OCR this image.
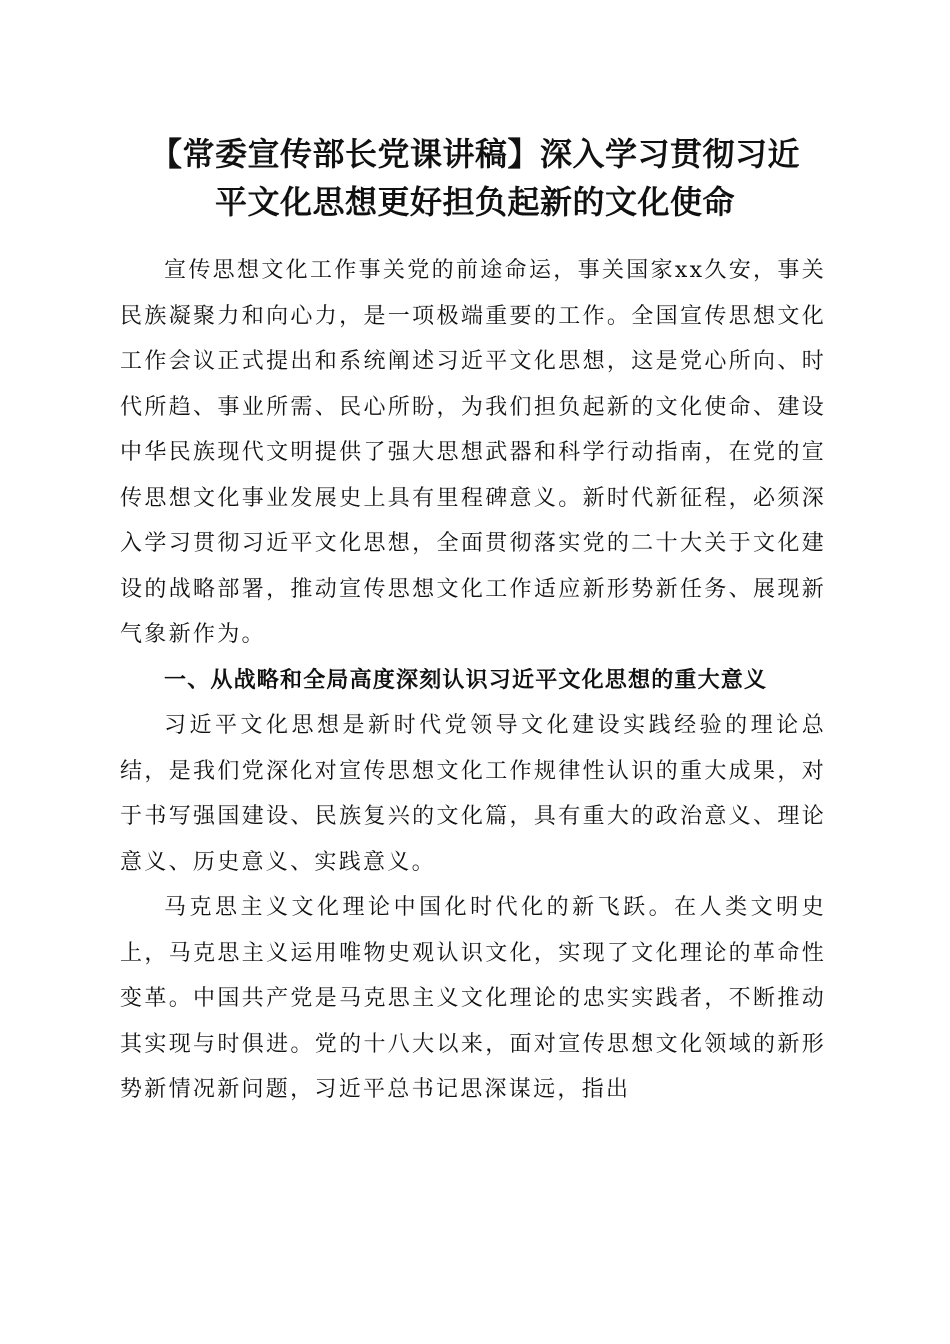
【常委宣传部长党课讲稿】深入学习贯彻习近
平文化思想更好担负起新的文化使命

宣传思想文化工作事关党的前途命运，事关国家xx久安，事关民族凝聚力和向心力，是一项极端重要的工作。全国宣传思想文化工作会议正式提出和系统阐述习近平文化思想，这是党心所向、时代所趋、事业所需、民心所盼，为我们担负起新的文化使命、建设中华民族现代文明提供了强大思想武器和科学行动指南，在党的宣传思想文化事业发展史上具有里程碑意义。新时代新征程，必须深入学习贯彻习近平文化思想，全面贯彻落实党的二十大关于文化建设的战略部署，推动宣传思想文化工作适应新形势新任务、展现新气象新作为。

一、从战略和全局高度深刻认识习近平文化思想的重大意义

习近平文化思想是新时代党领导文化建设实践经验的理论总结，是我们党深化对宣传思想文化工作规律性认识的重大成果，对于书写强国建设、民族复兴的文化篇，具有重大的政治意义、理论意义、历史意义、实践意义。

马克思主义文化理论中国化时代化的新飞跃。在人类文明史上，马克思主义运用唯物史观认识文化，实现了文化理论的革命性变革。中国共产党是马克思主义文化理论的忠实实践者，不断推动其实现与时俱进。党的十八大以来，面对宣传思想文化领域的新形势新情况新问题，习近平总书记思深谋远，指出
